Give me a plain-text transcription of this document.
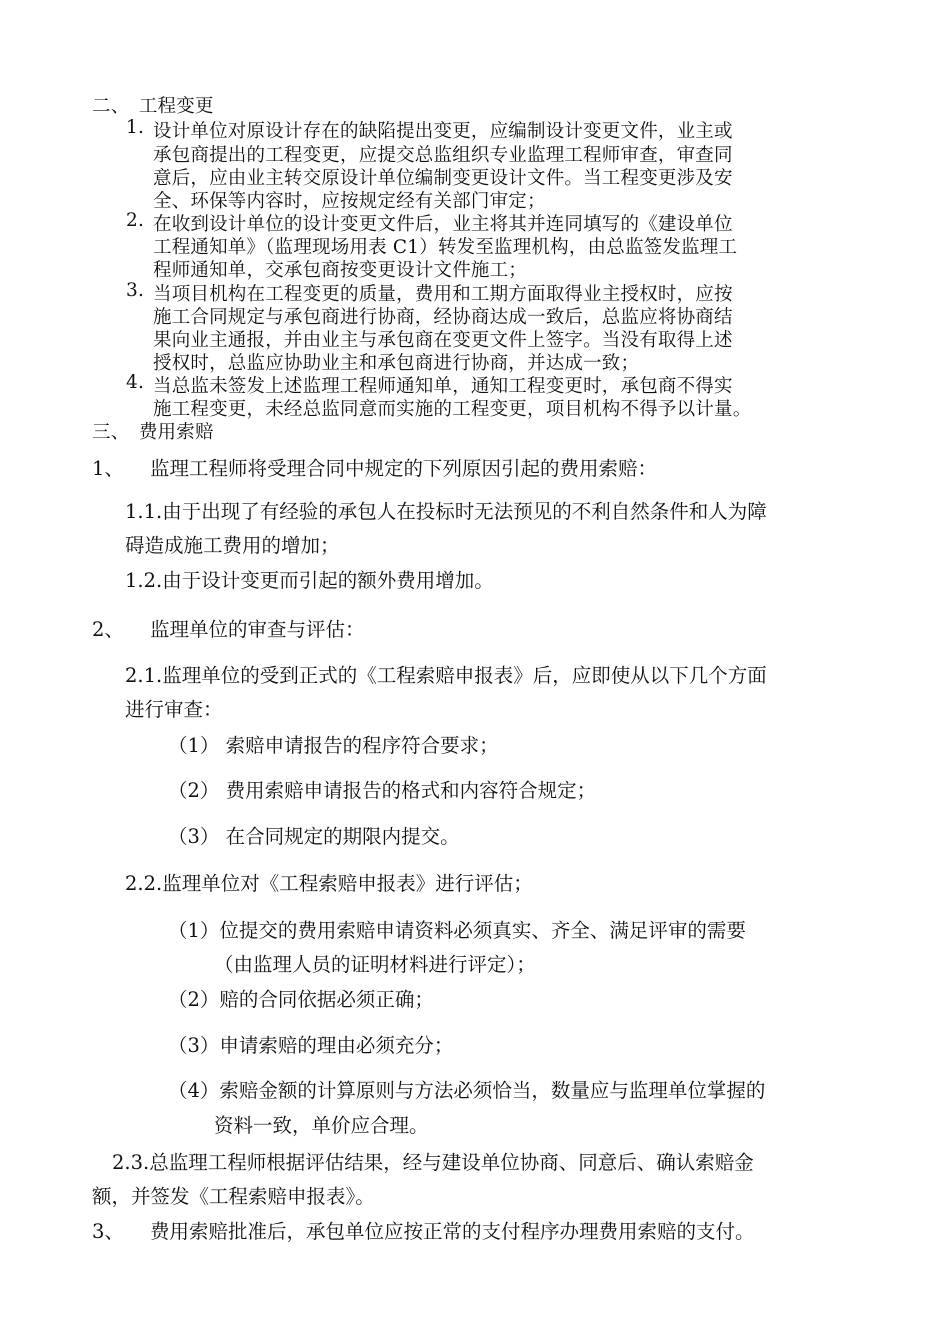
二、　工程变更
1. 设计单位对原设计存在的缺陷提出变更，应编制设计变更文件，业主或
承包商提出的工程变更，应提交总监组织专业监理工程师审查，审查同
意后，应由业主转交原设计单位编制变更设计文件。当工程变更涉及安
全、环保等内容时，应按规定经有关部门审定；
2. 在收到设计单位的设计变更文件后，业主将其并连同填写的《建设单位
工程通知单》（监理现场用表 C1）转发至监理机构，由总监签发监理工
程师通知单，交承包商按变更设计文件施工；
3. 当项目机构在工程变更的质量，费用和工期方面取得业主授权时，应按
施工合同规定与承包商进行协商，经协商达成一致后，总监应将协商结
果向业主通报，并由业主与承包商在变更文件上签字。当没有取得上述
授权时，总监应协助业主和承包商进行协商，并达成一致；
4. 当总监未签发上述监理工程师通知单，通知工程变更时，承包商不得实
施工程变更，未经总监同意而实施的工程变更，项目机构不得予以计量。
三、　费用索赔
1、 监理工程师将受理合同中规定的下列原因引起的费用索赔：
1.1.由于出现了有经验的承包人在投标时无法预见的不利自然条件和人为障
碍造成施工费用的增加；
1.2.由于设计变更而引起的额外费用增加。
2、 监理单位的审查与评估：
2.1.监理单位的受到正式的《工程索赔申报表》后，应即使从以下几个方面
进行审查：
（1） 索赔申请报告的程序符合要求；
（2） 费用索赔申请报告的格式和内容符合规定；
（3） 在合同规定的期限内提交。
2.2.监理单位对《工程索赔申报表》进行评估；
（1）位提交的费用索赔申请资料必须真实、齐全、满足评审的需要
（由监理人员的证明材料进行评定）；
（2）赔的合同依据必须正确；
（3）申请索赔的理由必须充分；
（4）索赔金额的计算原则与方法必须恰当，数量应与监理单位掌握的
资料一致，单价应合理。
2.3.总监理工程师根据评估结果，经与建设单位协商、同意后、确认索赔金
额，并签发《工程索赔申报表》。
3、 费用索赔批准后，承包单位应按正常的支付程序办理费用索赔的支付。
